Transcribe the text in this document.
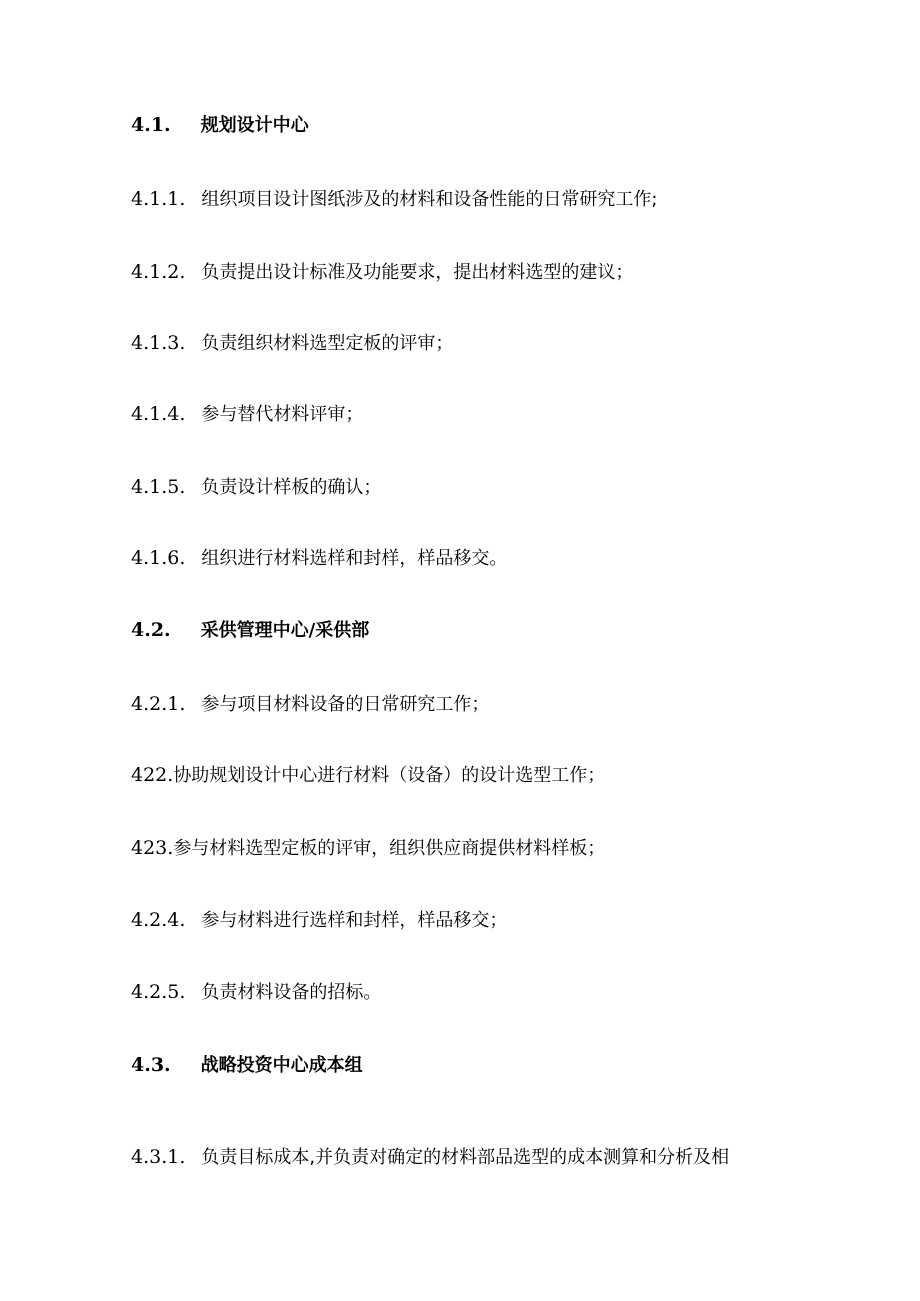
4.1. 规划设计中心
4.1.1. 组织项目设计图纸涉及的材料和设备性能的日常研究工作;
4.1.2. 负责提出设计标准及功能要求，提出材料选型的建议；
4.1.3. 负责组织材料选型定板的评审；
4.1.4. 参与替代材料评审；
4.1.5. 负责设计样板的确认；
4.1.6. 组织进行材料选样和封样，样品移交。
4.2. 采供管理中心/采供部
4.2.1. 参与项目材料设备的日常研究工作；
422.协助规划设计中心进行材料（设备）的设计选型工作；
423.参与材料选型定板的评审，组织供应商提供材料样板；
4.2.4. 参与材料进行选样和封样，样品移交；
4.2.5. 负责材料设备的招标。
4.3. 战略投资中心成本组
4.3.1. 负责目标成本,并负责对确定的材料部品选型的成本测算和分析及相
